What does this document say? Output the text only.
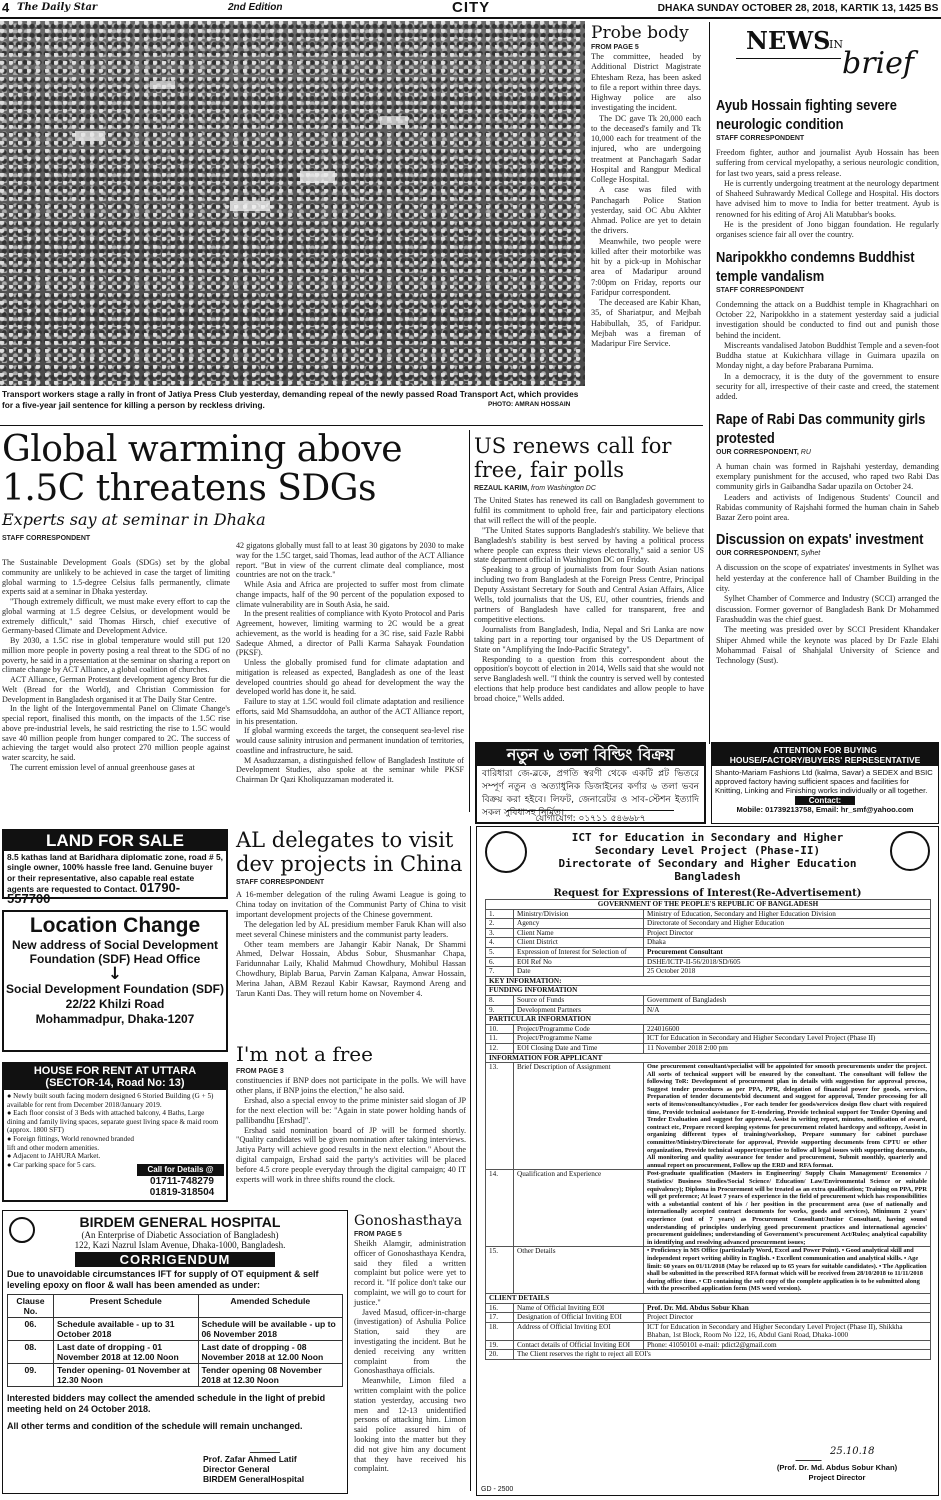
4 The Daily Star	2nd Edition	CITY	DHAKA SUNDAY OCTOBER 28, 2018, KARTIK 13, 1425 BS
Transport workers stage a rally in front of Jatiya Press Club yesterday, demanding repeal of the newly passed Road Transport Act, which provides for a five-year jail sentence for killing a person by reckless driving.	PHOTO: AMRAN HOSSAIN
Probe body
FROM PAGE 5

The committee, headed by Additional District Magistrate Ehtesham Reza, has been asked to file a report within three days. Highway police are also investigating the incident.

The DC gave Tk 20,000 each to the deceased's family and Tk 10,000 each for treatment of the injured, who are undergoing treatment at Panchagarh Sadar Hospital and Rangpur Medical College Hospital.

A case was filed with Panchagarh Police Station yesterday, said OC Abu Akhter Ahmad. Police are yet to detain the drivers.

Meanwhile, two people were killed after their motorbike was hit by a pick-up in Mohischar area of Madaripur around 7:00pm on Friday, reports our Faridpur correspondent.

The deceased are Kabir Khan, 35, of Shariatpur, and Mejbah Habibullah, 35, of Faridpur. Mejbah was a fireman of Madaripur Fire Service.

NEWS
IN
brief
Ayub Hossain fighting severe neurologic condition
STAFF CORRESPONDENT

Freedom fighter, author and journalist Ayub Hossain has been suffering from cervical myelopathy, a serious neurologic condition, for last two years, said a press release.

He is currently undergoing treatment at the neurology department of Shaheed Suhrawardy Medical College and Hospital. His doctors have advised him to move to India for better treatment. Ayub is renowned for his editing of Aroj Ali Matubbar's books.

He is the president of Jono biggan foundation. He regularly organises science fair all over the country.

Naripokkho condemns Buddhist temple vandalism
STAFF CORRESPONDENT

Condemning the attack on a Buddhist temple in Khagrachhari on October 22, Naripokkho in a statement yesterday said a judicial investigation should be conducted to find out and punish those behind the incident.

Miscreants vandalised Jatobon Buddhist Temple and a seven-foot Buddha statue at Kukichhara village in Guimara upazila on Monday night, a day before Prabarana Purnima.

In a democracy, it is the duty of the government to ensure security for all, irrespective of their caste and creed, the statement added.

Rape of Rabi Das community girls protested
OUR CORRESPONDENT, RU

A human chain was formed in Rajshahi yesterday, demanding exemplary punishment for the accused, who raped two Rabi Das community girls in Gaibandha Sadar upazila on October 24.

Leaders and activists of Indigenous Students' Council and Rabidas community of Rajshahi formed the human chain in Saheb Bazar Zero point area.

Discussion on expats' investment
OUR CORRESPONDENT, Sylhet

A discussion on the scope of expatriates' investments in Sylhet was held yesterday at the conference hall of Chamber Building in the city.

Sylhet Chamber of Commerce and Industry (SCCI) arranged the discussion. Former governor of Bangladesh Bank Dr Mohammed Farashuddin was the chief guest.

The meeting was presided over by SCCI President Khandaker Shiper Ahmed while the keynote was placed by Dr Fazle Elahi Mohammad Faisal of Shahjalal University of Science and Technology (Sust).

Global warming above
1.5C threatens SDGs
Experts say at seminar in Dhaka
STAFF CORRESPONDENT

The Sustainable Development Goals (SDGs) set by the global community are unlikely to be achieved in case the target of limiting global warming to 1.5-degree Celsius falls permanently, climate experts said at a seminar in Dhaka yesterday.

"Though extremely difficult, we must make every effort to cap the global warming at 1.5 degree Celsius, or development would be extremely difficult," said Thomas Hirsch, chief executive of Germany-based Climate and Development Advice.

By 2030, a 1.5C rise in global temperature would still put 120 million more people in poverty posing a real threat to the SDG of no poverty, he said in a presentation at the seminar on sharing a report on climate change by ACT Alliance, a global coalition of churches.

ACT Alliance, German Protestant development agency Brot fur die Welt (Bread for the World), and Christian Commission for Development in Bangladesh organised it at The Daily Star Centre.

In the light of the Intergovernmental Panel on Climate Change's special report, finalised this month, on the impacts of the 1.5C rise above pre-industrial levels, he said restricting the rise to 1.5C would save 40 million people from hunger compared to 2C. The success of achieving the target would also protect 270 million people against water scarcity, he said.

The current emission level of annual greenhouse gases at

42 gigatons globally must fall to at least 30 gigatons by 2030 to make way for the 1.5C target, said Thomas, lead author of the ACT Alliance report. "But in view of the current climate deal compliance, most countries are not on the track."

While Asia and Africa are projected to suffer most from climate change impacts, half of the 90 percent of the population exposed to climate vulnerability are in South Asia, he said.

In the present realities of compliance with Kyoto Protocol and Paris Agreement, however, limiting warming to 2C would be a great achievement, as the world is heading for a 3C rise, said Fazle Rabbi Sadeque Ahmed, a director of Palli Karma Sahayak Foundation (PKSF).

Unless the globally promised fund for climate adaptation and mitigation is released as expected, Bangladesh as one of the least developed countries should go ahead for development the way the developed world has done it, he said.

Failure to stay at 1.5C would foil climate adaptation and resilience efforts, said Md Shamsuddoha, an author of the ACT Alliance report, in his presentation.

If global warming exceeds the target, the consequent sea-level rise would cause salinity intrusion and permanent inundation of territories, coastline and infrastructure, he said.

M Asaduzzaman, a distinguished fellow of Bangladesh Institute of Development Studies, also spoke at the seminar while PKSF Chairman Dr Qazi Kholiquzzaman moderated it.

US renews call for
free, fair polls
REZAUL KARIM, from Washington DC

The United States has renewed its call on Bangladesh government to fulfil its commitment to uphold free, fair and participatory elections that will reflect the will of the people.

"The United States supports Bangladesh's stability. We believe that Bangladesh's stability is best served by having a political process where people can express their views electorally," said a senior US state department official in Washington DC on Friday.

Speaking to a group of journalists from four South Asian nations including two from Bangladesh at the Foreign Press Centre, Principal Deputy Assistant Secretary for South and Central Asian Affairs, Alice Wells, told journalists that the US, EU, other countries, friends and partners of Bangladesh have called for transparent, free and competitive elections.

Journalists from Bangladesh, India, Nepal and Sri Lanka are now taking part in a reporting tour organised by the US Department of State on "Amplifying the Indo-Pacific Strategy".

Responding to a question from this correspondent about the opposition's boycott of election in 2014, Wells said that she would not serve Bangladesh well. "I think the country is served well by contested elections that help produce best candidates and allow people to have broad choice," Wells added.

নতুন ৬ তলা বিল্ডিং বিক্রয়
বারিধারা জে-ব্লকে, প্রগতি স্বরণী থেকে একটি প্লট ভিতরে সম্পূর্ণ নতুন ও অত্যাধুনিক ডিজাইনের কর্ণার ৬ তলা ভবন বিক্রয় করা হইবে। লিফট, জেনারেটর ও সাব-স্টেশন ইত্যাদি সকল সুবিধাসহ নির্মিত।
যোগাযোগ: ০১৭১১ ৫৪৬৬৮৭
ATTENTION FOR BUYING
HOUSE/FACTORY/BUYERS' REPRESENTATIVE
Shanto-Mariam Fashions Ltd (kalma, Savar) a SEDEX and BSIC approved factory having sufficient spaces and facilities for Knitting, Linking and Finishing works individually or all together.
Contact:
Mobile: 01739213758, Email: hr_smf@yahoo.com
LAND FOR SALE
8.5 kathas land at Baridhara diplomatic zone, road # 5, single owner, 100% hassle free land. Genuine buyer or their representative, also capable real estate agents are requested to Contact. 01790-557700
Location Change
New address of Social Development Foundation (SDF) Head Office
↓
Social Development Foundation (SDF)
22/22 Khilzi Road
Mohammadpur, Dhaka-1207
HOUSE FOR RENT AT UTTARA
(SECTOR-14, Road No: 13)
● Newly built south facing modern designed 6 Storied Building (G + 5) available for rent from December 2018/January 2019.
● Each floor consist of 3 Beds with attached balcony, 4 Baths, Large dining and family living spaces, separate guest living space & maid room (approx. 1800 SFT)
● Foreign fittings, World renowned branded lift and other modern amenities.
● Adjacent to JAHURA Market.
● Car parking space for 5 cars.
Call for Details @
01711-748279
01819-318504
AL delegates to visit
dev projects in China
STAFF CORRESPONDENT

A 16-member delegation of the ruling Awami League is going to China today on invitation of the Communist Party of China to visit important development projects of the Chinese government.

The delegation led by AL presidium member Faruk Khan will also meet several Chinese ministers and the communist party leaders.

Other team members are Jahangir Kabir Nanak, Dr Shammi Ahmed, Delwar Hossain, Abdus Sobur, Shusmanhar Chapa, Faridunnahar Laily, Khalid Mahmud Chowdhury, Mohibul Hassan Chowdhury, Biplab Barua, Parvin Zaman Kalpana, Anwar Hossain, Merina Jahan, ABM Rezaul Kabir Kawsar, Raymond Areng and Tarun Kanti Das. They will return home on November 4.

I'm not a free
FROM PAGE 3

constituencies if BNP does not participate in the polls. We will have other plans, if BNP joins the election," he also said.

Ershad, also a special envoy to the prime minister said slogan of JP for the next election will be: "Again in state power holding hands of pallibandhu [Ershad]".

Ershad said nomination board of JP will be formed shortly. "Quality candidates will be given nomination after taking interviews. Jatiya Party will achieve good results in the next election." About the digital campaign, Ershad said the party's activities will be placed before 4.5 crore people everyday through the digital campaign; 40 IT experts will work in three shifts round the clock.

BIRDEM GENERAL HOSPITAL
(An Enterprise of Diabetic Association of Bangladesh)
122, Kazi Nazrul Islam Avenue, Dhaka-1000, Bangladesh.
CORRIGENDUM
Due to unavoidable circumstances IFT for supply of OT equipment & self leveling epoxy on floor & wall has been amended as under:
Clause No.	Present Schedule	Amended Schedule
06.	Schedule available - up to 31 October 2018	Schedule will be available - up to 06 November 2018
08.	Last date of dropping - 01 November 2018 at 12.00 Noon	Last date of dropping - 08 November 2018 at 12.00 Noon
09.	Tender opening- 01 November at 12.30 Noon	Tender opening 08 November 2018 at 12.30 Noon
Interested bidders may collect the amended schedule in the light of prebid meeting held on 24 October 2018.
All other terms and condition of the schedule will remain unchanged.
Prof. Zafar Ahmed Latif
Director General
BIRDEM GeneralHospital
Gonoshasthaya
FROM PAGE 5

Sheikh Alamgir, administration officer of Gonoshasthaya Kendra, said they filed a written complaint but police were yet to record it. "If police don't take our complaint, we will go to court for justice."

Javed Masud, officer-in-charge (investigation) of Ashulia Police Station, said they are investigating the incident. But he denied receiving any written complaint from the Gonoshasthaya officials.

Meanwhile, Limon filed a written complaint with the police station yesterday, accusing two men and 12-13 unidentified persons of attacking him. Limon said police assured him of looking into the matter but they did not give him any document that they have received his complaint.

ICT for Education in Secondary and Higher
Secondary Level Project (Phase-II)
Directorate of Secondary and Higher Education
Bangladesh
Request for Expressions of Interest(Re-Advertisement)
GOVERNMENT OF THE PEOPLE'S REPUBLIC OF BANGLADESH		
1.	Ministry/Division	Ministry of Education, Secondary and Higher Education Division
2.	Agency	Directorate of Secondary and Higher Education
3.	Client Name	Project Director
4.	Client District	Dhaka
5.	Expression of Interest for Selection of	Procurement Consultant
6.	EOI Ref No	DSHE/ICTP-II-56/2018/SD/605
7.	Date	25 October 2018
KEY INFORMATION:		
FUNDING INFORMATION		
8.	Source of Funds	Government of Bangladesh
9.	Development Partners	N/A
PARTICULAR INFORMATION		
10.	Project/Programme Code	224016600
11.	Project/Programme Name	ICT for Education in Secondary and Higher Secondary Level Project (Phase II)
12.	EOI Closing Date and Time	11 November 2018 2:00 pm
INFORMATION FOR APPLICANT		
13.	Brief Description of Assignment	One procurement consultant/specialist will be appointed for smooth procurements under the project. All sorts of technical support will be ensured by the consultant. The consultant will follow the following ToR: Development of procurement plan in details with suggestion for approval process, Suggest tender procedures as per PPA, PPR, delegation of financial power for goods, services, Preparation of tender documents/bid document and suggest for approval, Tender processing for all sorts of items/consultancy/studies , For each tender for goods/services design flow chart with required time, Provide technical assistance for E-tendering, Provide technical support for Tender Opening and Tender Evaluation and suggest for approval, Assist in writing report, minutes, notification of award, contract etc, Prepare record keeping systems for procurement related hardcopy and softcopy, Assist in organizing different types of training/workshop, Prepare summary for cabinet purchase committee/Ministry/Directorate for approval, Provide supporting documents from CPTU or other organization, Provide technical support/expertise to follow all legal issues with supporting documents, All monitoring and quality assurance for tender and procurement, Submit monthly, quarterly and annual report on procurement, Follow up the ERD and RFA format.
14.	Qualification and Experience	Post-graduate qualification (Masters in Engineering/ Supply Chain Management/ Economics / Statistics/ Business Studies/Social Science/ Education/ Law/Environmental Science or suitable equivalency); Diploma in Procurement will be treated as an extra qualification; Training on PPA, PPR will get preference; At least 7 years of experience in the field of procurement which has responsibilities with a substantial content of his / her position in the procurement area (use of nationally and internationally accepted contract documents for works, goods and services), Minimum 2 years' experience (out of 7 years) as Procurement Consultant/Junior Consultant, having sound understanding of principles underlying good procurement practices and international agencies' procurement guidelines; understanding of Government's procurement Act/Rules; analytical capability in identifying and resolving advanced procurement issues;
15.	Other Details	• Proficiency in MS Office (particularly Word, Excel and Power Point). • Good analytical skill and independent report writing ability in English. • Excellent communication and analytical skills. • Age limit: 60 years on 01/11/2018 (May be relaxed up to 65 years for suitable candidates). • The Application shall be submitted in the prescribed RFA format which will be received from 28/10/2018 to 11/11/2018 during office time. • CD containing the soft copy of the complete application is to be submitted along with the prescribed application form (MS word version).
CLIENT DETAILS		
16.	Name of Official Inviting EOI	Prof. Dr. Md. Abdus Sobur Khan
17.	Designation of Official Inviting EOI	Project Director
18.	Address of Official Inviting EOI	ICT for Education in Secondary and Higher Secondary Level Project (Phase II), Shikkha Bhaban, 1st Block, Room No 122, 16, Abdul Gani Road, Dhaka-1000
19.	Contact details of Official Inviting EOI	Phone: 41050101 e-mail: pdict2@gmail.com
20.	The Client reserves the right to reject all EOI's	
25.10.18
(Prof. Dr. Md. Abdus Sobur Khan)
Project Director
GD - 2500
